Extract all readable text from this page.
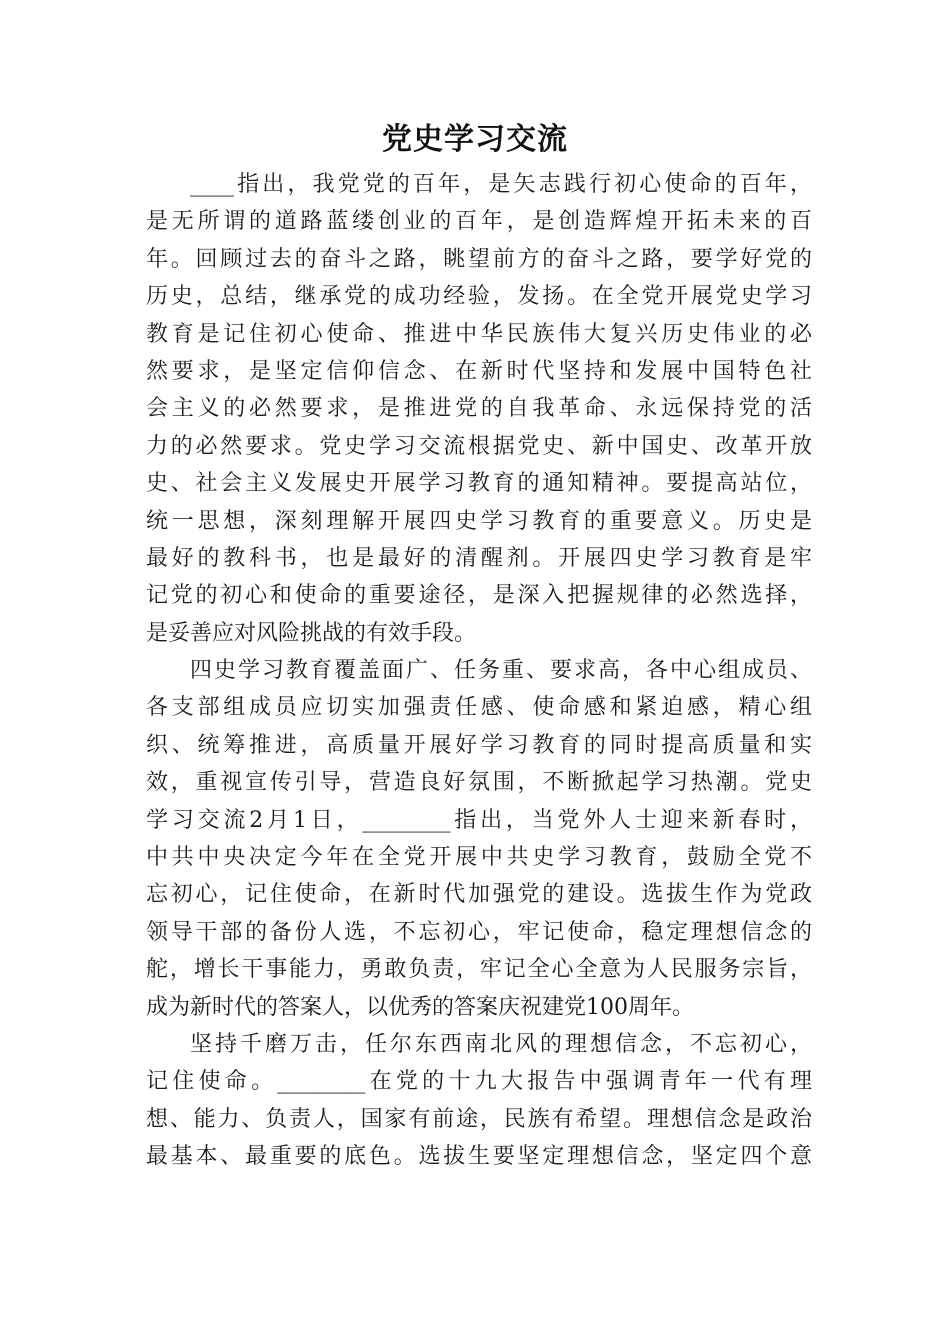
党史学习交流
____指出，我党党的百年，是矢志践行初心使命的百年，
是无所谓的道路蓝缕创业的百年，是创造辉煌开拓未来的百
年。回顾过去的奋斗之路，眺望前方的奋斗之路，要学好党的
历史，总结，继承党的成功经验，发扬。在全党开展党史学习
教育是记住初心使命、推进中华民族伟大复兴历史伟业的必
然要求，是坚定信仰信念、在新时代坚持和发展中国特色社
会主义的必然要求，是推进党的自我革命、永远保持党的活
力的必然要求。党史学习交流根据党史、新中国史、改革开放
史、社会主义发展史开展学习教育的通知精神。要提高站位，
统一思想，深刻理解开展四史学习教育的重要意义。历史是
最好的教科书，也是最好的清醒剂。开展四史学习教育是牢
记党的初心和使命的重要途径，是深入把握规律的必然选择，
是妥善应对风险挑战的有效手段。
四史学习教育覆盖面广、任务重、要求高，各中心组成员、
各支部组成员应切实加强责任感、使命感和紧迫感，精心组
织、统筹推进，高质量开展好学习教育的同时提高质量和实
效，重视宣传引导，营造良好氛围，不断掀起学习热潮。党史
学习交流2月1日，________指出，当党外人士迎来新春时，
中共中央决定今年在全党开展中共史学习教育，鼓励全党不
忘初心，记住使命，在新时代加强党的建设。选拔生作为党政
领导干部的备份人选，不忘初心，牢记使命，稳定理想信念的
舵，增长干事能力，勇敢负责，牢记全心全意为人民服务宗旨，
成为新时代的答案人，以优秀的答案庆祝建党100周年。
坚持千磨万击，任尔东西南北风的理想信念，不忘初心，
记住使命。________在党的十九大报告中强调青年一代有理
想、能力、负责人，国家有前途，民族有希望。理想信念是政治
最基本、最重要的底色。选拔生要坚定理想信念，坚定四个意
